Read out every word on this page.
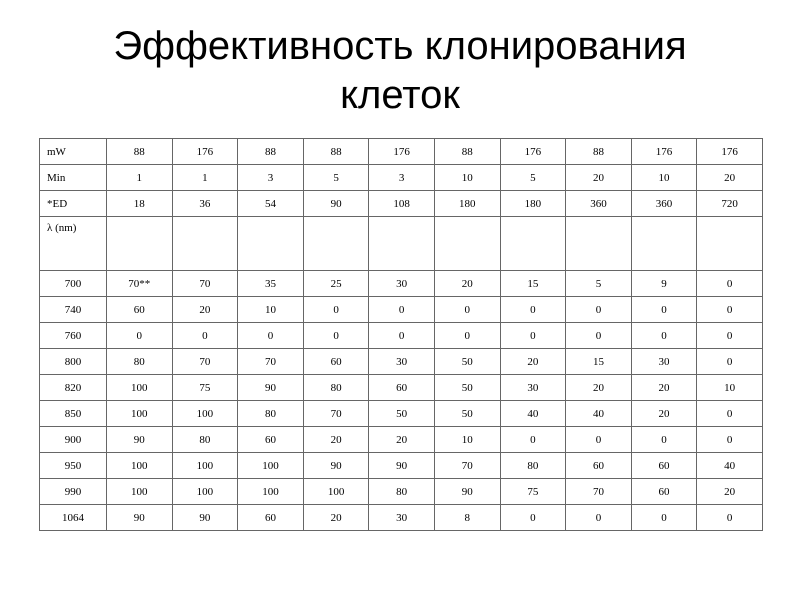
Эффективность клонирования
клеток
mW	88	176	88	88	176	88	176	88	176	176
Min	1	1	3	5	3	10	5	20	10	20
*ED	18	36	54	90	108	180	180	360	360	720
λ (nm)										
700	70**	70	35	25	30	20	15	5	9	0
740	60	20	10	0	0	0	0	0	0	0
760	0	0	0	0	0	0	0	0	0	0
800	80	70	70	60	30	50	20	15	30	0
820	100	75	90	80	60	50	30	20	20	10
850	100	100	80	70	50	50	40	40	20	0
900	90	80	60	20	20	10	0	0	0	0
950	100	100	100	90	90	70	80	60	60	40
990	100	100	100	100	80	90	75	70	60	20
1064	90	90	60	20	30	8	0	0	0	0
